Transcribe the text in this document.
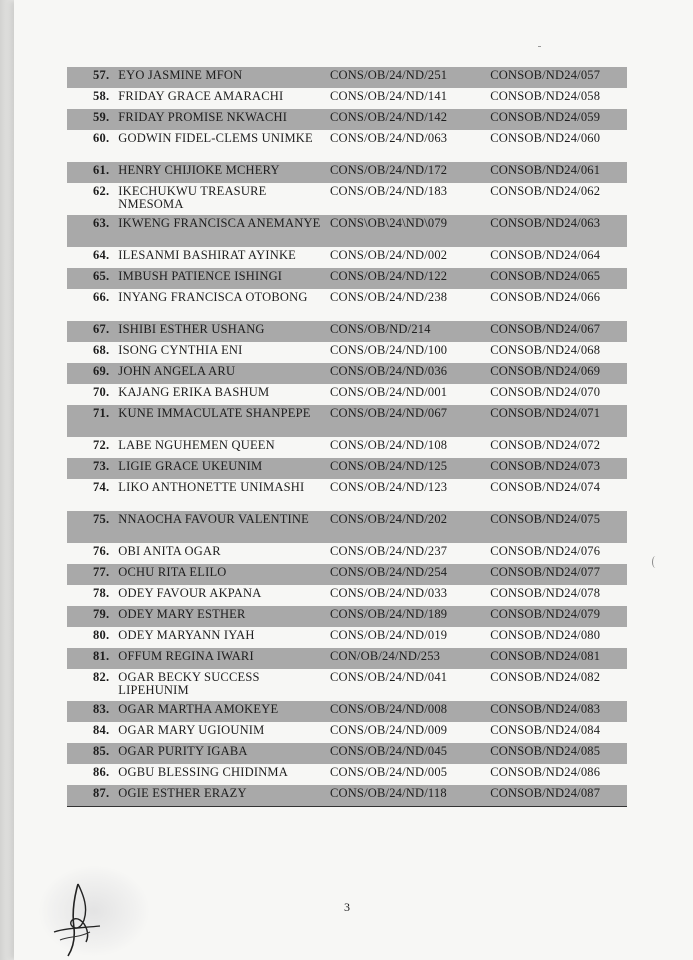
57.	EYO JASMINE MFON	CONS/OB/24/ND/251	CONSOB/ND24/057
58.	FRIDAY GRACE AMARACHI	CONS/OB/24/ND/141	CONSOB/ND24/058
59.	FRIDAY PROMISE NKWACHI	CONS/OB/24/ND/142	CONSOB/ND24/059
60.	GODWIN FIDEL-CLEMS UNIMKE	CONS/OB/24/ND/063	CONSOB/ND24/060
61.	HENRY CHIJIOKE MCHERY	CONS/OB/24/ND/172	CONSOB/ND24/061
62.	IKECHUKWU TREASURE NMESOMA	CONS/OB/24/ND/183	CONSOB/ND24/062
63.	IKWENG FRANCISCA ANEMANYE	CONS\OB\24\ND\079	CONSOB/ND24/063
64.	ILESANMI BASHIRAT AYINKE	CONS/OB/24/ND/002	CONSOB/ND24/064
65.	IMBUSH PATIENCE ISHINGI	CONS/OB/24/ND/122	CONSOB/ND24/065
66.	INYANG FRANCISCA OTOBONG	CONS/OB/24/ND/238	CONSOB/ND24/066
67.	ISHIBI ESTHER USHANG	CONS/OB/ND/214	CONSOB/ND24/067
68.	ISONG CYNTHIA ENI	CONS/OB/24/ND/100	CONSOB/ND24/068
69.	JOHN ANGELA ARU	CONS/OB/24/ND/036	CONSOB/ND24/069
70.	KAJANG ERIKA BASHUM	CONS/OB/24/ND/001	CONSOB/ND24/070
71.	KUNE IMMACULATE SHANPEPE	CONS/OB/24/ND/067	CONSOB/ND24/071
72.	LABE NGUHEMEN QUEEN	CONS/OB/24/ND/108	CONSOB/ND24/072
73.	LIGIE GRACE UKEUNIM	CONS/OB/24/ND/125	CONSOB/ND24/073
74.	LIKO ANTHONETTE UNIMASHI	CONS/OB/24/ND/123	CONSOB/ND24/074
75.	NNAOCHA FAVOUR VALENTINE	CONS/OB/24/ND/202	CONSOB/ND24/075
76.	OBI ANITA OGAR	CONS/OB/24/ND/237	CONSOB/ND24/076
77.	OCHU RITA ELILO	CONS/OB/24/ND/254	CONSOB/ND24/077
78.	ODEY FAVOUR AKPANA	CONS/OB/24/ND/033	CONSOB/ND24/078
79.	ODEY MARY ESTHER	CONS/OB/24/ND/189	CONSOB/ND24/079
80.	ODEY MARYANN IYAH	CONS/OB/24/ND/019	CONSOB/ND24/080
81.	OFFUM REGINA IWARI	CON/OB/24/ND/253	CONSOB/ND24/081
82.	OGAR BECKY SUCCESS LIPEHUNIM	CONS/OB/24/ND/041	CONSOB/ND24/082
83.	OGAR MARTHA AMOKEYE	CONS/OB/24/ND/008	CONSOB/ND24/083
84.	OGAR MARY UGIOUNIM	CONS/OB/24/ND/009	CONSOB/ND24/084
85.	OGAR PURITY IGABA	CONS/OB/24/ND/045	CONSOB/ND24/085
86.	OGBU BLESSING CHIDINMA	CONS/OB/24/ND/005	CONSOB/ND24/086
87.	OGIE ESTHER ERAZY	CONS/OB/24/ND/118	CONSOB/ND24/087
3
